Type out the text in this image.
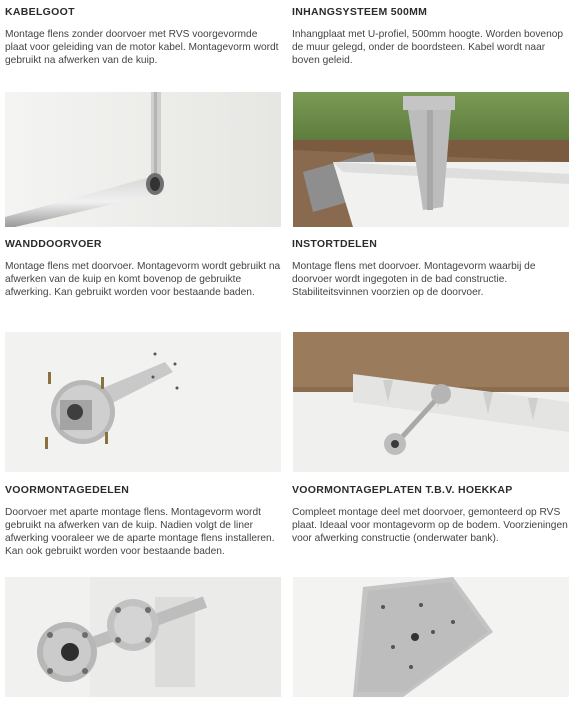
KABELGOOT
Montage flens zonder doorvoer met RVS voorgevormde plaat voor geleiding van de motor kabel. Montagevorm wordt gebruikt na afwerken van de kuip.
INHANGSYSTEEM 500MM
Inhangplaat met U-profiel, 500mm hoogte. Worden bovenop de muur gelegd, onder de boordsteen. Kabel wordt naar boven geleid.
WANDDOORVOER
Montage flens met doorvoer. Montagevorm wordt gebruikt na afwerken van de kuip en komt bovenop de gebruikte afwerking. Kan gebruikt worden voor bestaande baden.
INSTORTDELEN
Montage flens met doorvoer. Montagevorm waarbij de doorvoer wordt ingegoten in de bad constructie. Stabiliteitsvinnen voorzien op de doorvoer.
VOORMONTAGEDELEN
Doorvoer met aparte montage flens. Montagevorm wordt gebruikt na afwerken van de kuip. Nadien volgt de liner afwerking vooraleer we de aparte montage flens installeren. Kan ook gebruikt worden voor bestaande baden.
VOORMONTAGEPLATEN T.B.V. HOEKKAP
Compleet montage deel met doorvoer, gemonteerd op RVS plaat. Ideaal voor montagevorm op de bodem. Voorzieningen voor afwerking constructie (onderwater bank).
